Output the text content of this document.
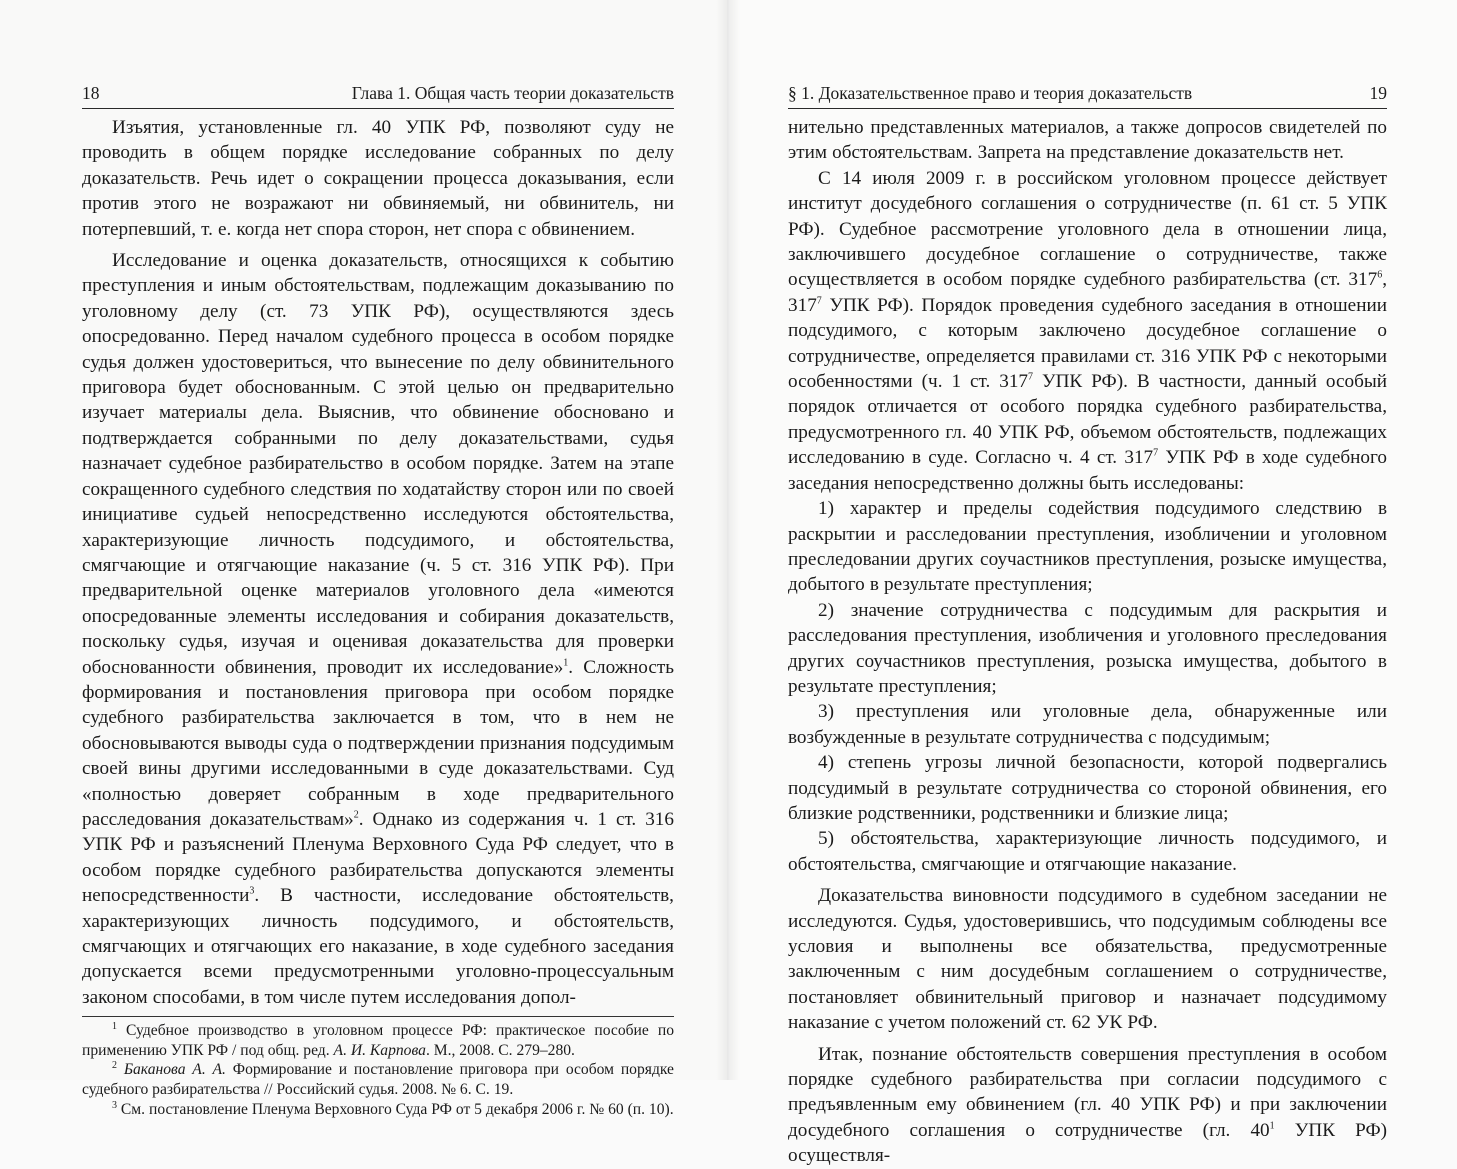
18	Глава 1. Общая часть теории доказательств

Изъятия, установленные гл. 40 УПК РФ, позволяют суду не проводить в общем порядке исследование собранных по делу доказательств. Речь идет о сокращении процесса доказывания, если против этого не возражают ни обвиняемый, ни обвинитель, ни потерпевший, т. е. когда нет спора сторон, нет спора с обвинением.

Исследование и оценка доказательств, относящихся к событию преступления и иным обстоятельствам, подлежащим доказыванию по уголовному делу (ст. 73 УПК РФ), осуществляются здесь опосредованно. Перед началом судебного процесса в особом порядке судья должен удостовериться, что вынесение по делу обвинительного приговора будет обоснованным. С этой целью он предварительно изучает материалы дела. Выяснив, что обвинение обосновано и подтверждается собранными по делу доказательствами, судья назначает судебное разбирательство в особом порядке. Затем на этапе сокращенного судебного следствия по ходатайству сторон или по своей инициативе судьей непосредственно исследуются обстоятельства, характеризующие личность подсудимого, и обстоятельства, смягчающие и отягчающие наказание (ч. 5 ст. 316 УПК РФ). При предварительной оценке материалов уголовного дела «имеются опосредованные элементы исследования и собирания доказательств, поскольку судья, изучая и оценивая доказательства для проверки обоснованности обвинения, проводит их исследование»$^1$. Сложность формирования и постановления приговора при особом порядке судебного разбирательства заключается в том, что в нем не обосновываются выводы суда о подтверждении признания подсудимым своей вины другими исследованными в суде доказательствами. Суд «полностью доверяет собранным в ходе предварительного расследования доказательствам»$^2$. Однако из содержания ч. 1 ст. 316 УПК РФ и разъяснений Пленума Верховного Суда РФ следует, что в особом порядке судебного разбирательства допускаются элементы непосредственности$^3$. В частности, исследование обстоятельств, характеризующих личность подсудимого, и обстоятельств, смягчающих и отягчающих его наказание, в ходе судебного заседания допускается всеми предусмотренными уголовно-процессуальным законом способами, в том числе путем исследования допол-

$^1$ Судебное производство в уголовном процессе РФ: практическое пособие по применению УПК РФ / под общ. ред. А. И. Карпова. М., 2008. С. 279–280.

$^2$ Баканова А. А. Формирование и постановление приговора при особом порядке судебного разбирательства // Российский судья. 2008. № 6. С. 19.

$^3$ См. постановление Пленума Верховного Суда РФ от 5 декабря 2006 г. № 60 (п. 10).

§ 1. Доказательственное право и теория доказательств	19

нительно представленных материалов, а также допросов свидетелей по этим обстоятельствам. Запрета на представление доказательств нет.

С 14 июля 2009 г. в российском уголовном процессе действует институт досудебного соглашения о сотрудничестве (п. 61 ст. 5 УПК РФ). Судебное рассмотрение уголовного дела в отношении лица, заключившего досудебное соглашение о сотрудничестве, также осуществляется в особом порядке судебного разбирательства (ст. $317^6$, $317^7$ УПК РФ). Порядок проведения судебного заседания в отношении подсудимого, с которым заключено досудебное соглашение о сотрудничестве, определяется правилами ст. 316 УПК РФ с некоторыми особенностями (ч. 1 ст. $317^7$ УПК РФ). В частности, данный особый порядок отличается от особого порядка судебного разбирательства, предусмотренного гл. 40 УПК РФ, объемом обстоятельств, подлежащих исследованию в суде. Согласно ч. 4 ст. $317^7$ УПК РФ в ходе судебного заседания непосредственно должны быть исследованы:

1) характер и пределы содействия подсудимого следствию в раскрытии и расследовании преступления, изобличении и уголовном преследовании других соучастников преступления, розыске имущества, добытого в результате преступления;

2) значение сотрудничества с подсудимым для раскрытия и расследования преступления, изобличения и уголовного преследования других соучастников преступления, розыска имущества, добытого в результате преступления;

3) преступления или уголовные дела, обнаруженные или возбужденные в результате сотрудничества с подсудимым;

4) степень угрозы личной безопасности, которой подвергались подсудимый в результате сотрудничества со стороной обвинения, его близкие родственники, родственники и близкие лица;

5) обстоятельства, характеризующие личность подсудимого, и обстоятельства, смягчающие и отягчающие наказание.

Доказательства виновности подсудимого в судебном заседании не исследуются. Судья, удостоверившись, что подсудимым соблюдены все условия и выполнены все обязательства, предусмотренные заключенным с ним досудебным соглашением о сотрудничестве, постановляет обвинительный приговор и назначает подсудимому наказание с учетом положений ст. 62 УК РФ.

Итак, познание обстоятельств совершения преступления в особом порядке судебного разбирательства при согласии подсудимого с предъявленным ему обвинением (гл. 40 УПК РФ) и при заключении досудебного соглашения о сотрудничестве (гл. $40^1$ УПК РФ) осуществля-
